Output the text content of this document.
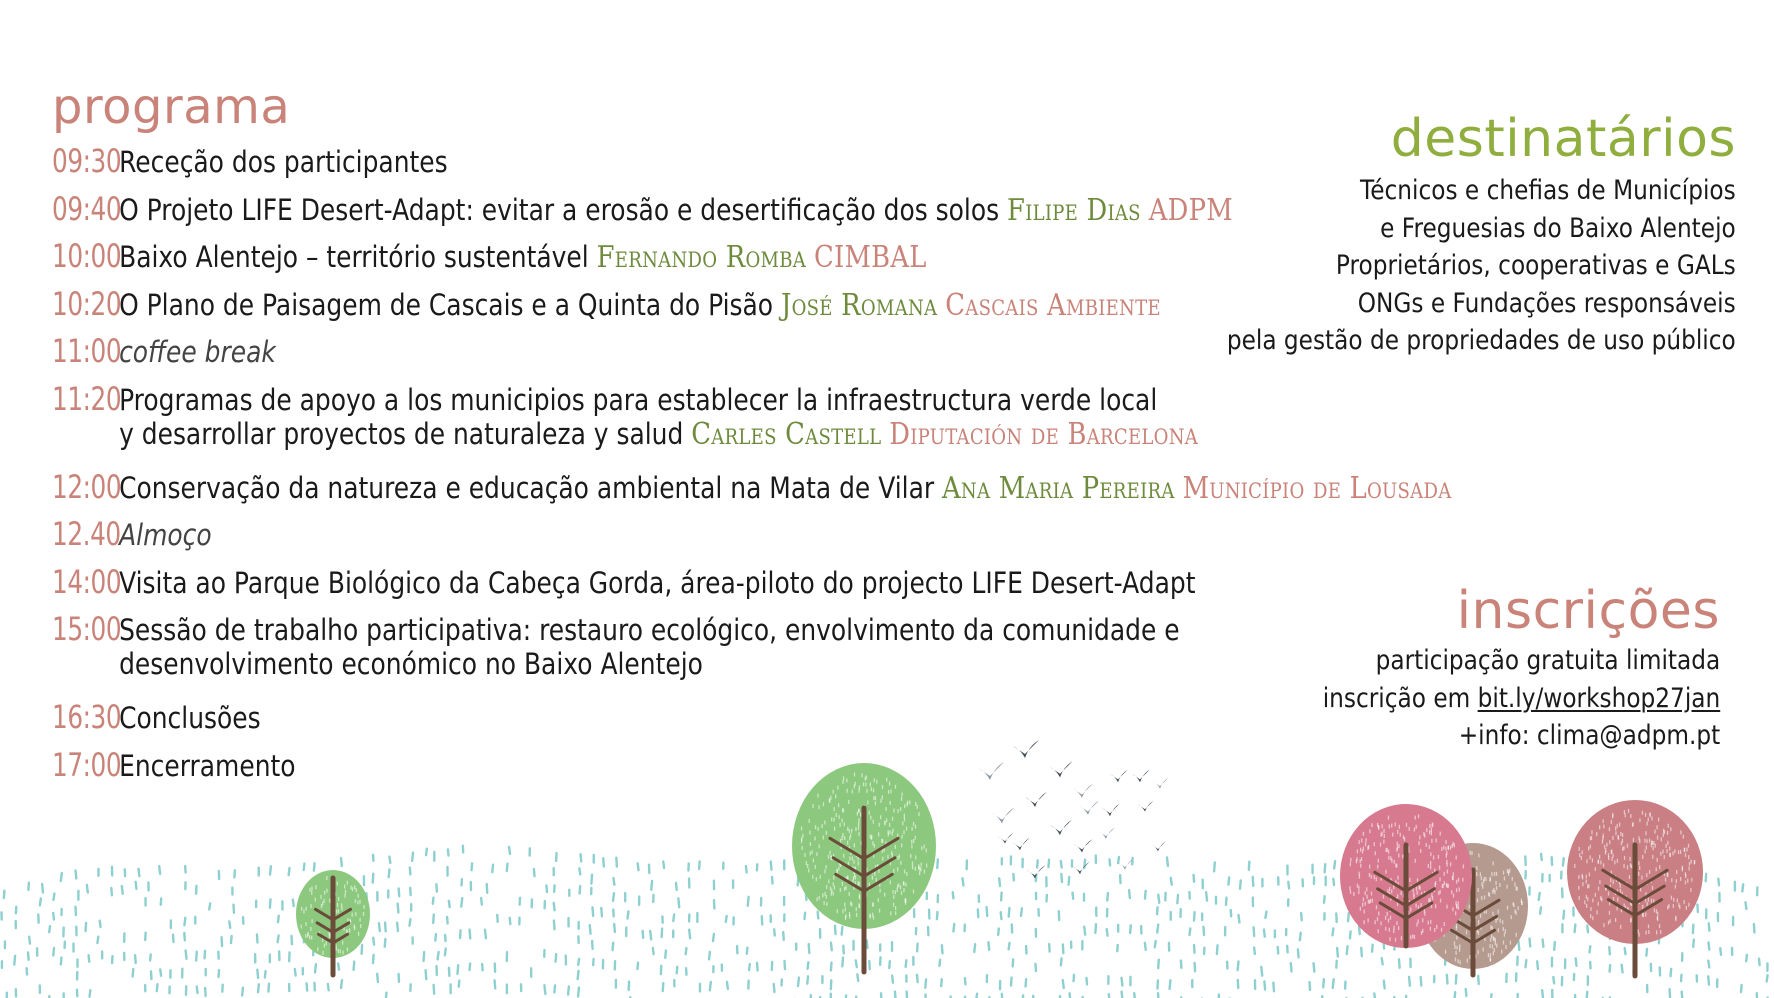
programa
09:30Receção dos participantes
09:40O Projeto LIFE Desert-Adapt: evitar a erosão e desertificação dos solos Filipe Dias ADPM
10:00Baixo Alentejo – território sustentável Fernando Romba CIMBAL
10:20O Plano de Paisagem de Cascais e a Quinta do Pisão José Romana Cascais Ambiente
11:00coffee break
11:20Programas de apoyo a los municipios para establecer la infraestructura verde local
y desarrollar proyectos de naturaleza y salud Carles Castell Diputación de Barcelona
12:00Conservação da natureza e educação ambiental na Mata de Vilar Ana Maria Pereira Município de Lousada
12.40Almoço
14:00Visita ao Parque Biológico da Cabeça Gorda, área-piloto do projecto LIFE Desert-Adapt
15:00Sessão de trabalho participativa: restauro ecológico, envolvimento da comunidade e
desenvolvimento económico no Baixo Alentejo
16:30Conclusões
17:00Encerramento
destinatários
Técnicos e chefias de Municípios
e Freguesias do Baixo Alentejo
Proprietários, cooperativas e GALs
ONGs e Fundações responsáveis
pela gestão de propriedades de uso público
inscrições
participação gratuita limitada
inscrição em bit.ly/workshop27jan
+info: clima@adpm.pt
